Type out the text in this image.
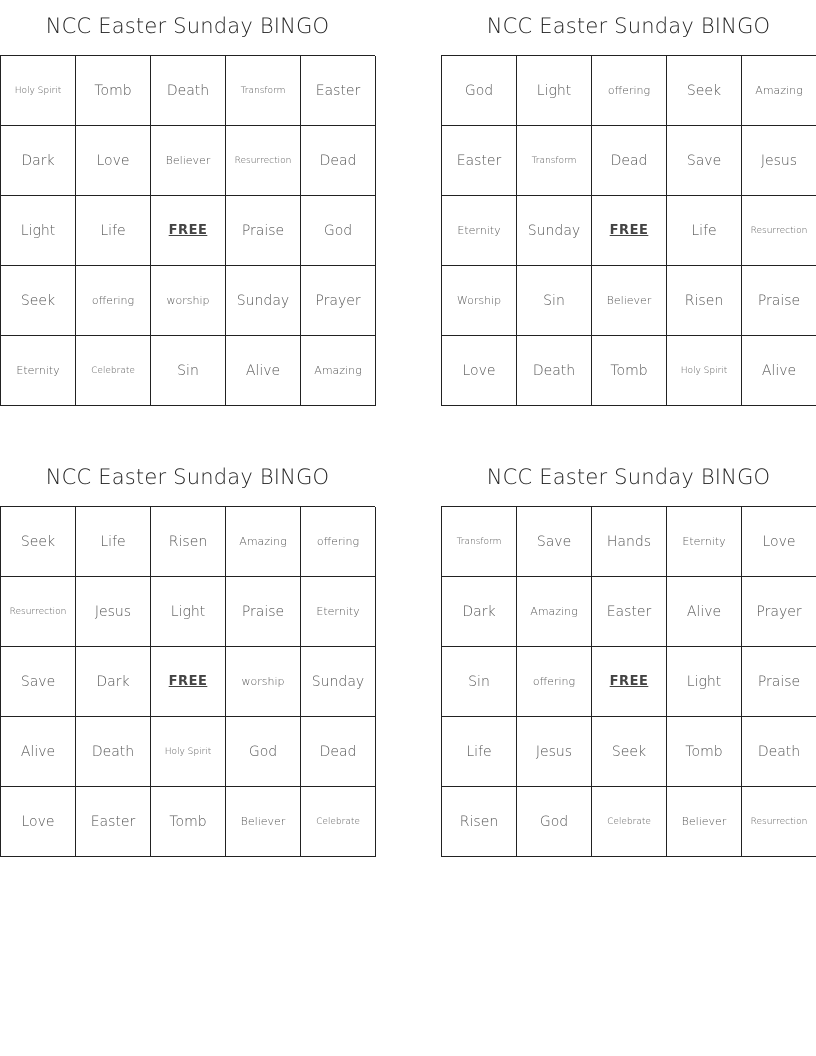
NCC Easter Sunday BINGO
Holy Spirit	Tomb	Death	Transform	Easter
Dark	Love	Believer	Resurrection	Dead
Light	Life	FREE	Praise	God
Seek	offering	worship	Sunday	Prayer
Eternity	Celebrate	Sin	Alive	Amazing
NCC Easter Sunday BINGO
God	Light	offering	Seek	Amazing
Easter	Transform	Dead	Save	Jesus
Eternity	Sunday	FREE	Life	Resurrection
Worship	Sin	Believer	Risen	Praise
Love	Death	Tomb	Holy Spirit	Alive
NCC Easter Sunday BINGO
Seek	Life	Risen	Amazing	offering
Resurrection	Jesus	Light	Praise	Eternity
Save	Dark	FREE	worship	Sunday
Alive	Death	Holy Spirit	God	Dead
Love	Easter	Tomb	Believer	Celebrate
NCC Easter Sunday BINGO
Transform	Save	Hands	Eternity	Love
Dark	Amazing	Easter	Alive	Prayer
Sin	offering	FREE	Light	Praise
Life	Jesus	Seek	Tomb	Death
Risen	God	Celebrate	Believer	Resurrection
